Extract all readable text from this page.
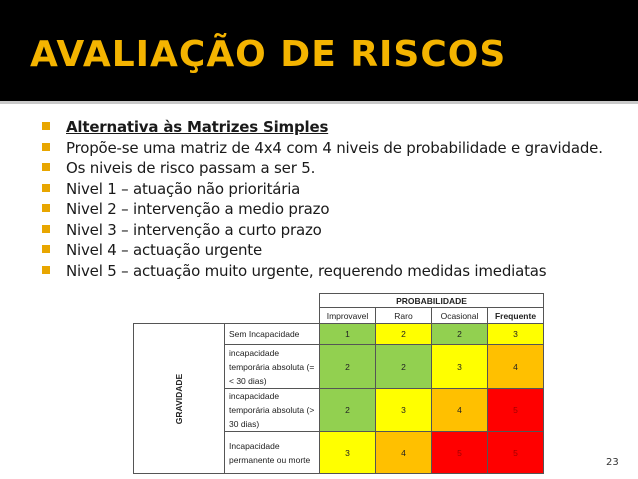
AVALIAÇÃO DE RISCOS
Alternativa às Matrizes Simples
Propõe-se uma matriz de 4x4 com 4 niveis de probabilidade e gravidade.
Os niveis de risco passam a ser 5.
Nivel 1 – atuação não prioritária
Nivel 2 – intervenção a medio prazo
Nivel 3 – intervenção a curto prazo
Nivel 4 – actuação urgente
Nivel 5 – actuação muito urgente, requerendo medidas imediatas
		PROBABILIDADE			
		Improvavel	Raro	Ocasional	Frequente
GRAVIDADE	Sem Incapacidade	1	2	2	3
	incapacidade temporária absoluta (=< 30 dias)	2	2	3	4
	incapacidade temporária absoluta (> 30 dias)	2	3	4	5
	Incapacidade permanente ou morte	3	4	5	5
23
